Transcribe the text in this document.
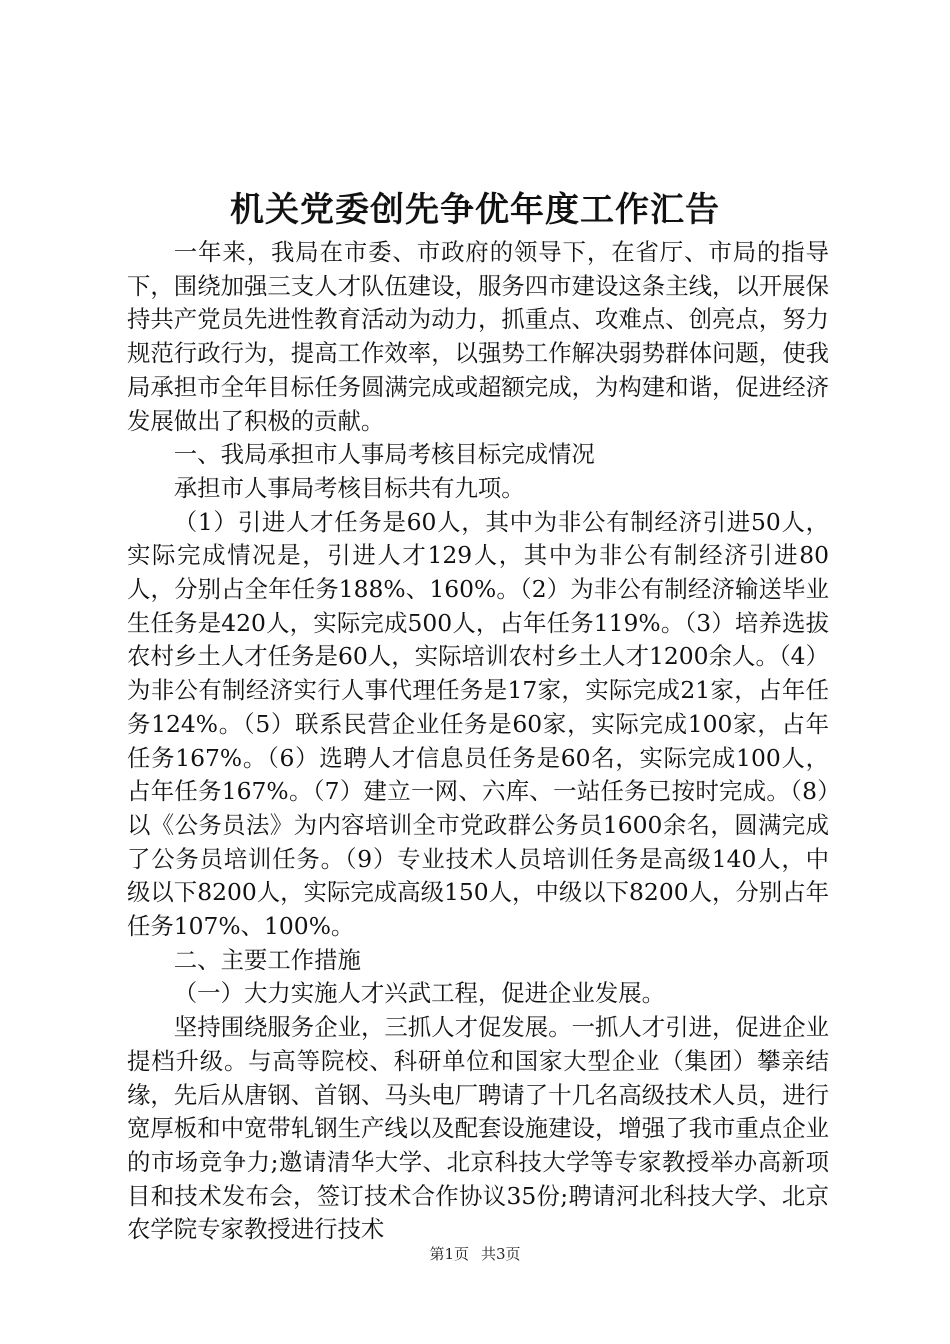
机关党委创先争优年度工作汇告

一年来，我局在市委、市政府的领导下，在省厅、市局的指导下，围绕加强三支人才队伍建设，服务四市建设这条主线，以开展保持共产党员先进性教育活动为动力，抓重点、攻难点、创亮点，努力规范行政行为，提高工作效率，以强势工作解决弱势群体问题，使我局承担市全年目标任务圆满完成或超额完成，为构建和谐，促进经济发展做出了积极的贡献。

一、我局承担市人事局考核目标完成情况

承担市人事局考核目标共有九项。

（1）引进人才任务是60人，其中为非公有制经济引进50人，实际完成情况是，引进人才129人，其中为非公有制经济引进80人，分别占全年任务188%、160%。（2）为非公有制经济输送毕业生任务是420人，实际完成500人，占年任务119%。（3）培养选拔农村乡土人才任务是60人，实际培训农村乡土人才1200余人。（4）为非公有制经济实行人事代理任务是17家，实际完成21家，占年任务124%。（5）联系民营企业任务是60家，实际完成100家，占年任务167%。（6）选聘人才信息员任务是60名，实际完成100人，占年任务167%。（7）建立一网、六库、一站任务已按时完成。（8）以《公务员法》为内容培训全市党政群公务员1600余名，圆满完成了公务员培训任务。（9）专业技术人员培训任务是高级140人，中级以下8200人，实际完成高级150人，中级以下8200人，分别占年任务107%、100%。

二、主要工作措施

（一）大力实施人才兴武工程，促进企业发展。

坚持围绕服务企业，三抓人才促发展。一抓人才引进，促进企业提档升级。与高等院校、科研单位和国家大型企业（集团）攀亲结缘，先后从唐钢、首钢、马头电厂聘请了十几名高级技术人员，进行宽厚板和中宽带轧钢生产线以及配套设施建设，增强了我市重点企业的市场竞争力;邀请清华大学、北京科技大学等专家教授举办高新项目和技术发布会，签订技术合作协议35份;聘请河北科技大学、北京农学院专家教授进行技术

第1页 共3页
